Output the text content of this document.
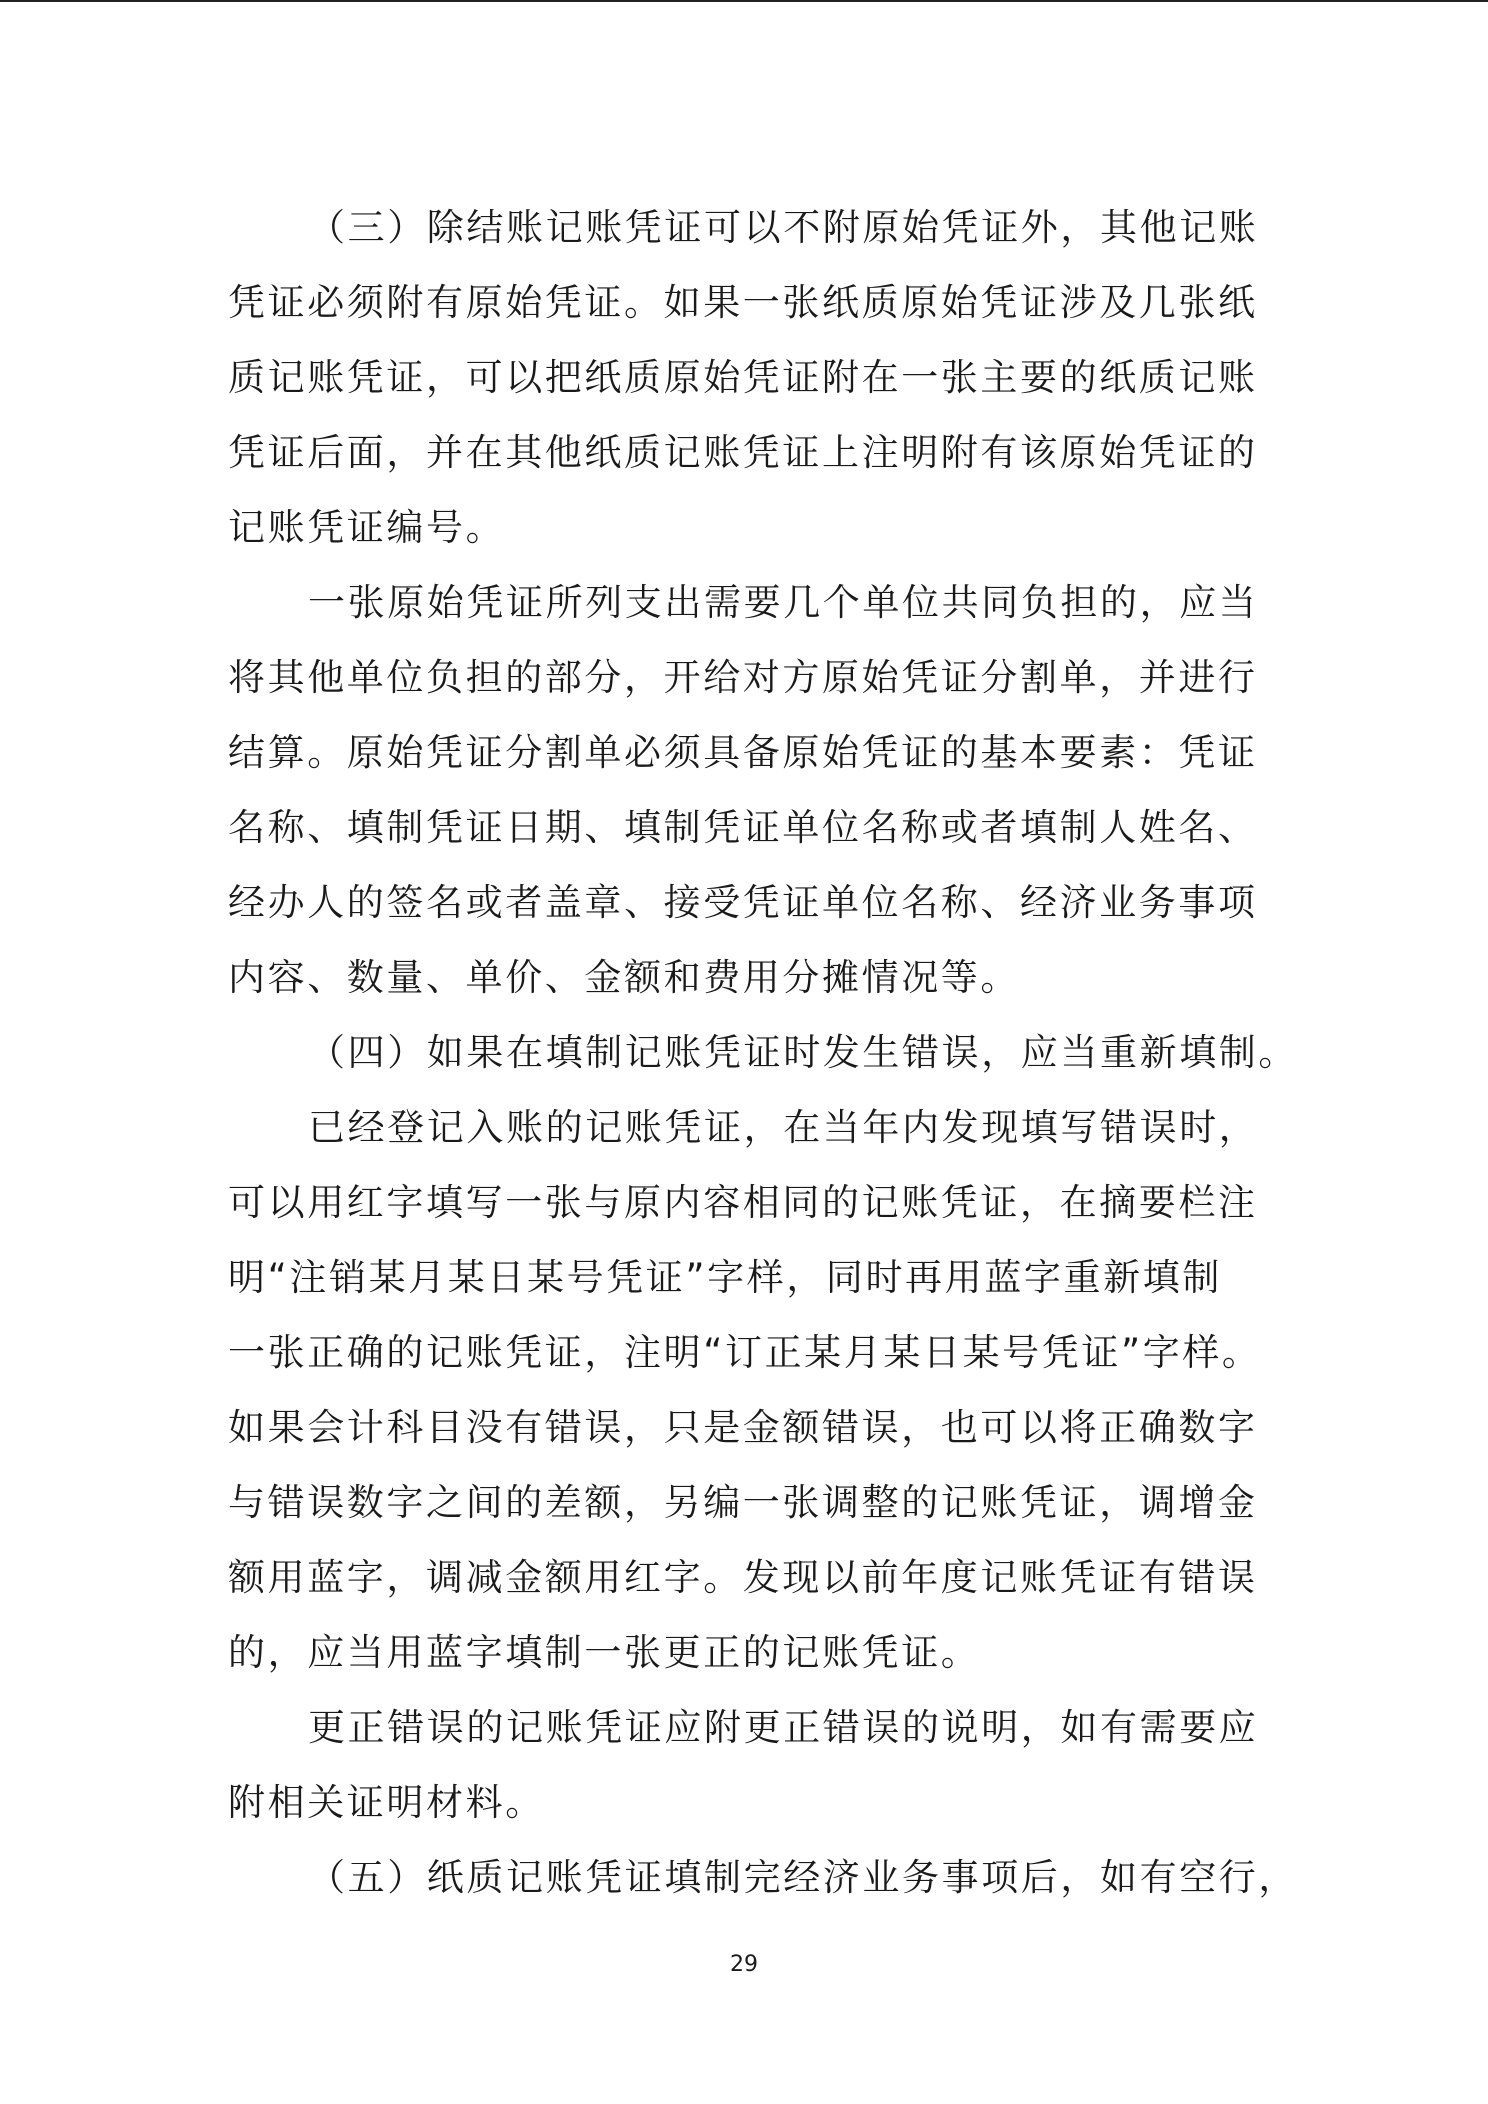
（三）除结账记账凭证可以不附原始凭证外，其他记账
凭证必须附有原始凭证。如果一张纸质原始凭证涉及几张纸
质记账凭证，可以把纸质原始凭证附在一张主要的纸质记账
凭证后面，并在其他纸质记账凭证上注明附有该原始凭证的
记账凭证编号。
一张原始凭证所列支出需要几个单位共同负担的，应当
将其他单位负担的部分，开给对方原始凭证分割单，并进行
结算。原始凭证分割单必须具备原始凭证的基本要素：凭证
名称、填制凭证日期、填制凭证单位名称或者填制人姓名、
经办人的签名或者盖章、接受凭证单位名称、经济业务事项
内容、数量、单价、金额和费用分摊情况等。
（四）如果在填制记账凭证时发生错误，应当重新填制。
已经登记入账的记账凭证，在当年内发现填写错误时，
可以用红字填写一张与原内容相同的记账凭证，在摘要栏注
明“注销某月某日某号凭证”字样，同时再用蓝字重新填制
一张正确的记账凭证，注明“订正某月某日某号凭证”字样。
如果会计科目没有错误，只是金额错误，也可以将正确数字
与错误数字之间的差额，另编一张调整的记账凭证，调增金
额用蓝字，调减金额用红字。发现以前年度记账凭证有错误
的，应当用蓝字填制一张更正的记账凭证。
更正错误的记账凭证应附更正错误的说明，如有需要应
附相关证明材料。
（五）纸质记账凭证填制完经济业务事项后，如有空行，
29
